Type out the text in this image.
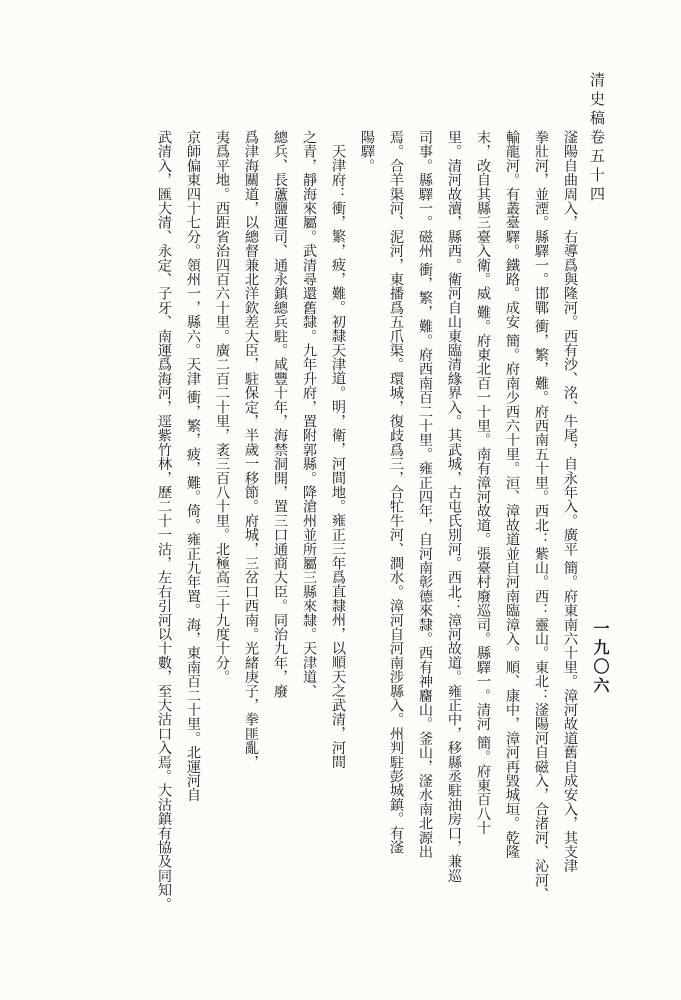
清史稿卷五十四
一九〇六
滏陽自曲周入，右導爲與隆河。西有沙、洺、牛尾，自永年入。廣平 簡。府東南六十里。漳河故道舊自成安入，其支津
拳壯河，並湮。縣驛一。邯鄲 衝，繁，難。府西南五十里。西北：紫山。西：靈山。東北：滏陽河自磁入，合渚河、沁河、
輸龍河。有叢臺驛。鐵路。成安 簡。府南少西六十里。洹、漳故道並自河南臨漳入。順、康中，漳河再毀城垣。乾隆
末，改自其縣三臺入衛。威 難。府東北百一十里。南有漳河故道。張臺村廢巡司。縣驛一。清河 簡。府東百八十
里。清河故瀆，縣西。衛河自山東臨清緣界入。其武城，古屯氏別河。西北：漳河故道。雍正中，移縣丞駐油房口，兼巡
司事。縣驛一。磁州 衝，繁，難。府西南百二十里。雍正四年，自河南彰德來隸。西有神麕山。釜山，滏水南北源出
焉。合羊渠河、泥河，東播爲五爪渠。環城，復歧爲三，合牤牛河、澗水。漳河自河南涉縣入。州判駐彭城鎮。有滏
陽驛。
天津府：衝，繁，疲，難。初隸天津道。明，衛，河間地。雍正三年爲直隸州，以順天之武清，河間
之青，靜海來屬。武清尋還舊隸。九年升府，置附郭縣。降滄州並所屬三縣來隸。天津道、
總兵、長蘆鹽運司、通永鎮總兵駐。咸豐十年，海禁洞開，置三口通商大臣。同治九年，廢
爲津海關道，以總督兼北洋欽差大臣，駐保定，半歲一移節。府城，三岔口西南。光緒庚子，拳匪亂，
夷爲平地。西距省治四百六十里。廣二百二十里，袤三百八十里。北極高三十九度十分。
京師偏東四十七分。領州一，縣六。天津 衝，繁，疲，難。倚。雍正九年置。海，東南百二十里。北運河自
武清入，匯大清、永定、子牙、南運爲海河，逕紫竹林，歷二十一沽，左右引河以十數，至大沽口入焉。大沽鎮有協及同知。
